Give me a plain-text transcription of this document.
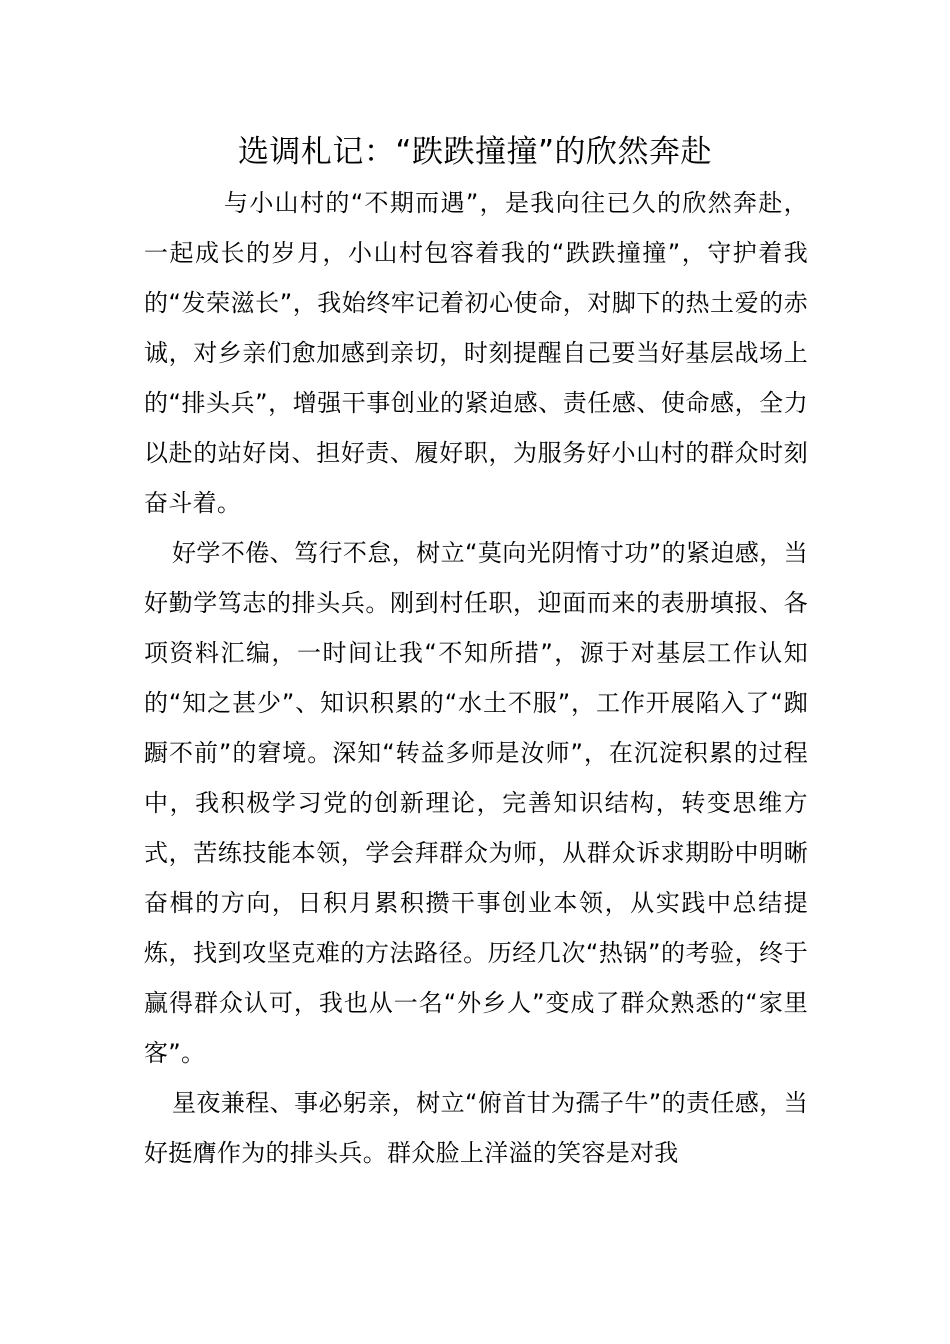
选调札记：“跌跌撞撞”的欣然奔赴

与小山村的“不期而遇”，是我向往已久的欣然奔赴，一起成长的岁月，小山村包容着我的“跌跌撞撞”，守护着我的“发荣滋长”，我始终牢记着初心使命，对脚下的热土爱的赤诚，对乡亲们愈加感到亲切，时刻提醒自己要当好基层战场上的“排头兵”，增强干事创业的紧迫感、责任感、使命感，全力以赴的站好岗、担好责、履好职，为服务好小山村的群众时刻奋斗着。

好学不倦、笃行不怠，树立“莫向光阴惰寸功”的紧迫感，当好勤学笃志的排头兵。刚到村任职，迎面而来的表册填报、各项资料汇编，一时间让我“不知所措”，源于对基层工作认知的“知之甚少”、知识积累的“水土不服”，工作开展陷入了“踟蹰不前”的窘境。深知“转益多师是汝师”，在沉淀积累的过程中，我积极学习党的创新理论，完善知识结构，转变思维方式，苦练技能本领，学会拜群众为师，从群众诉求期盼中明晰奋楫的方向，日积月累积攒干事创业本领，从实践中总结提炼，找到攻坚克难的方法路径。历经几次“热锅”的考验，终于赢得群众认可，我也从一名“外乡人”变成了群众熟悉的“家里客”。

星夜兼程、事必躬亲，树立“俯首甘为孺子牛”的责任感，当好挺膺作为的排头兵。群众脸上洋溢的笑容是对我
